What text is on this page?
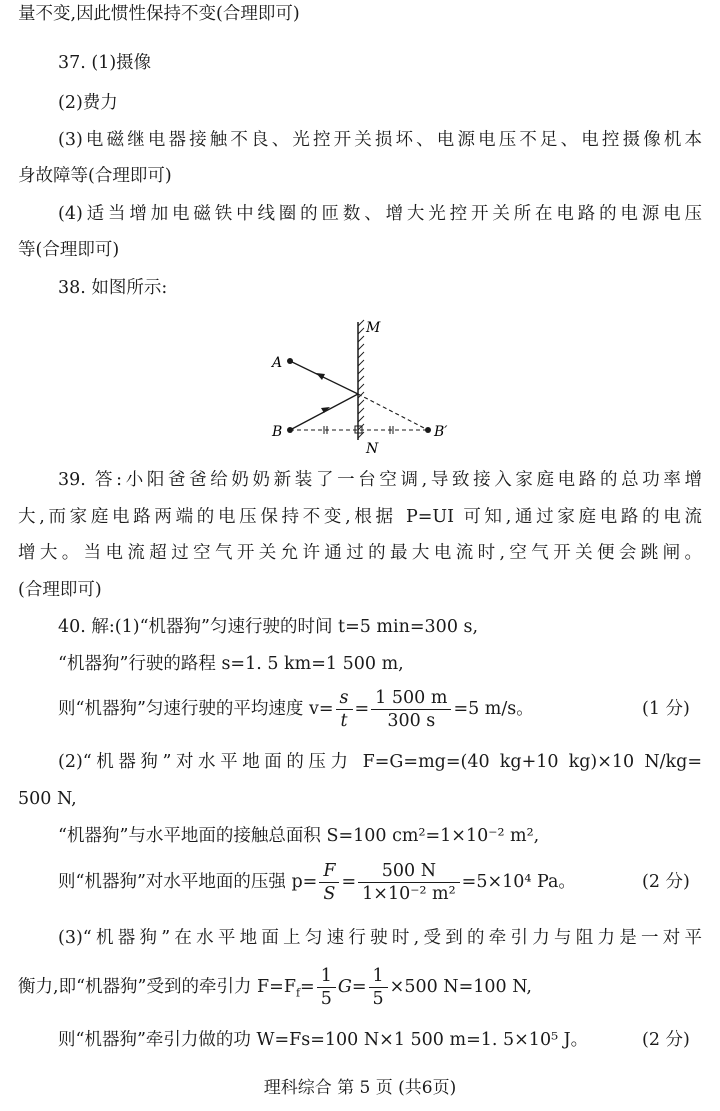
量不变,因此惯性保持不变(合理即可)
37. (1)摄像
(2)费力
(3)电磁继电器接触不良、光控开关损坏、电源电压不足、电控摄像机本
身故障等(合理即可)
(4)适当增加电磁铁中线圈的匝数、增大光控开关所在电路的电源电压
等(合理即可)
38. 如图所示:
M
N
A
B	B′
39. 答:小阳爸爸给奶奶新装了一台空调,导致接入家庭电路的总功率增
大,而家庭电路两端的电压保持不变,根据 P=UI 可知,通过家庭电路的电流
增大。当电流超过空气开关允许通过的最大电流时,空气开关便会跳闸。
(合理即可)
40. 解:(1)“机器狗”匀速行驶的时间 t=5 min=300 s,
“机器狗”行驶的路程 s=1. 5 km=1 500 m,
则“机器狗”匀速行驶的平均速度 $v= \frac{s}{t} = \frac{1 500 m}{300 s} =5$ m/s。	(1 分)
(2)“机器狗”对水平地面的压力 F=G=mg=(40 kg+10 kg)×10 N/kg=
500 N,
“机器狗”与水平地面的接触总面积 S=100 cm²=1×10⁻² m²,
则“机器狗”对水平地面的压强 $p= \frac{F}{S} = \frac{500 N}{\text{1×10⁻² m²}} =5\times 10^4$ Pa。	(2 分)
(3)“机器狗”在水平地面上匀速行驶时,受到的牵引力与阻力是一对平
衡力,即“机器狗”受到的牵引力 $F=F_f= \frac{1}{5} G= \frac{1}{5} \times 500$ N=100 N,
则“机器狗”牵引力做的功 W=Fs=100 N×1 500 m=1. 5×10⁵ J。	(2 分)
理科综合 第 5 页 (共6页)
